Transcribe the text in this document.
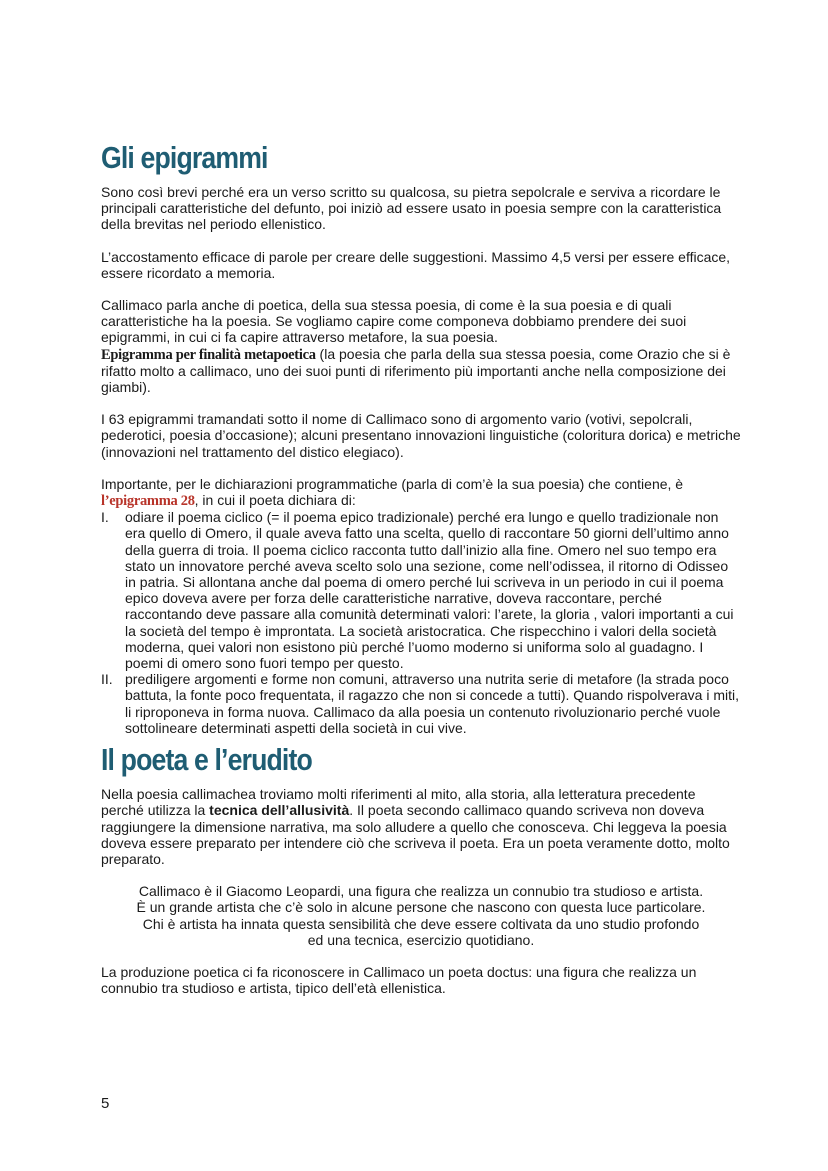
Gli epigrammi

Sono così brevi perché era un verso scritto su qualcosa, su pietra sepolcrale e serviva a ricordare le principali caratteristiche del defunto, poi iniziò ad essere usato in poesia sempre con la caratteristica della brevitas nel periodo ellenistico.

L’accostamento efficace di parole per creare delle suggestioni. Massimo 4,5 versi per essere efficace, essere ricordato a memoria.

Callimaco parla anche di poetica, della sua stessa poesia, di come è la sua poesia e di quali caratteristiche ha la poesia. Se vogliamo capire come componeva dobbiamo prendere dei suoi epigrammi, in cui ci fa capire attraverso metafore, la sua poesia.

Epigramma per finalità metapoetica (la poesia che parla della sua stessa poesia, come Orazio che si è rifatto molto a callimaco, uno dei suoi punti di riferimento più importanti anche nella composizione dei giambi).

I 63 epigrammi tramandati sotto il nome di Callimaco sono di argomento vario (votivi, sepolcrali, pederotici, poesia d’occasione); alcuni presentano innovazioni linguistiche (coloritura dorica) e metriche (innovazioni nel trattamento del distico elegiaco).

Importante, per le dichiarazioni programmatiche (parla di com’è la sua poesia) che contiene, è l’epigramma 28, in cui il poeta dichiara di:

I.	odiare il poema ciclico (= il poema epico tradizionale) perché era lungo e quello tradizionale non era quello di Omero, il quale aveva fatto una scelta, quello di raccontare 50 giorni dell’ultimo anno della guerra di troia. Il poema ciclico racconta tutto dall’inizio alla fine. Omero nel suo tempo era stato un innovatore perché aveva scelto solo una sezione, come nell’odissea, il ritorno di Odisseo in patria. Si allontana anche dal poema di omero perché lui scriveva in un periodo in cui il poema epico doveva avere per forza delle caratteristiche narrative, doveva raccontare, perché raccontando deve passare alla comunità determinati valori: l’arete, la gloria , valori importanti a cui la società del tempo è improntata. La società aristocratica. Che rispecchino i valori della società moderna, quei valori non esistono più perché l’uomo moderno si uniforma solo al guadagno. I poemi di omero sono fuori tempo per questo.
II. prediligere argomenti e forme non comuni, attraverso una nutrita serie di metafore (la strada poco battuta, la fonte poco frequentata, il ragazzo che non si concede a tutti). Quando rispolverava i miti, li riproponeva in forma nuova. Callimaco da alla poesia un contenuto rivoluzionario perché vuole sottolineare determinati aspetti della società in cui vive.
Il poeta e l’erudito

Nella poesia callimachea troviamo molti riferimenti al mito, alla storia, alla letteratura precedente perché utilizza la tecnica dell’allusività. Il poeta secondo callimaco quando scriveva non doveva raggiungere la dimensione narrativa, ma solo alludere a quello che conosceva. Chi leggeva la poesia doveva essere preparato per intendere ciò che scriveva il poeta. Era un poeta veramente dotto, molto preparato.

Callimaco è il Giacomo Leopardi, una figura che realizza un connubio tra studioso e artista.

È un grande artista che c’è solo in alcune persone che nascono con questa luce particolare.

Chi è artista ha innata questa sensibilità che deve essere coltivata da uno studio profondo

ed una tecnica, esercizio quotidiano.

La produzione poetica ci fa riconoscere in Callimaco un poeta doctus: una figura che realizza un connubio tra studioso e artista, tipico dell’età ellenistica.

5
